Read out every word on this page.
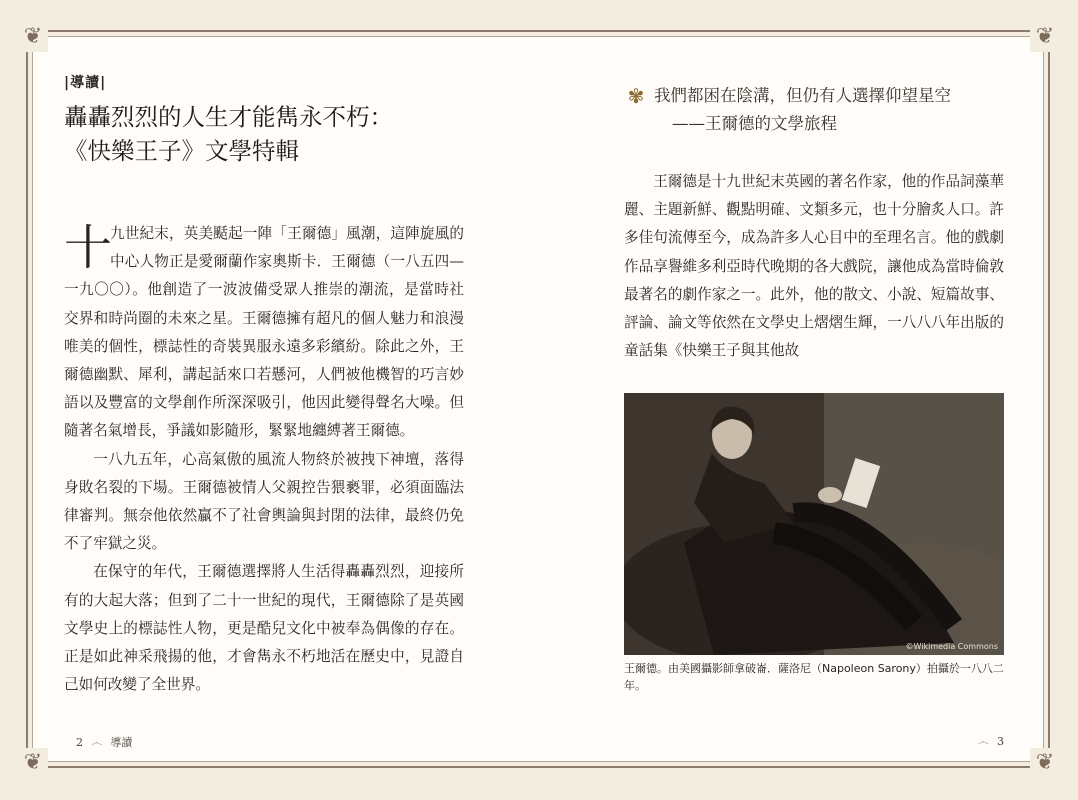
❦	❦
❦	❦
|導讀|
轟轟烈烈的人生才能雋永不朽：
《快樂王子》文學特輯

十
九世紀末，英美颳起一陣「王爾德」風潮，這陣旋風的中心人物正是愛爾蘭作家奧斯卡．王爾德（一八五四—一九〇〇）。他創造了一波波備受眾人推崇的潮流，是當時社交界和時尚圈的未來之星。王爾德擁有超凡的個人魅力和浪漫唯美的個性，標誌性的奇裝異服永遠多彩繽紛。除此之外，王爾德幽默、犀利，講起話來口若懸河，人們被他機智的巧言妙語以及豐富的文學創作所深深吸引，他因此變得聲名大噪。但隨著名氣增長，爭議如影隨形，緊緊地纏縛著王爾德。

一八九五年，心高氣傲的風流人物終於被拽下神壇，落得身敗名裂的下場。王爾德被情人父親控告猥褻罪，必須面臨法律審判。無奈他依然贏不了社會輿論與封閉的法律，最終仍免不了牢獄之災。

在保守的年代，王爾德選擇將人生活得轟轟烈烈，迎接所有的大起大落；但到了二十一世紀的現代，王爾德除了是英國文學史上的標誌性人物，更是酷兒文化中被奉為偶像的存在。正是如此神采飛揚的他，才會雋永不朽地活在歷史中，見證自己如何改變了全世界。

✾ 我們都困在陰溝，但仍有人選擇仰望星空
——王爾德的文學旅程

王爾德是十九世紀末英國的著名作家，他的作品詞藻華麗、主題新鮮、觀點明確、文類多元，也十分膾炙人口。許多佳句流傳至今，成為許多人心目中的至理名言。他的戲劇作品享譽維多利亞時代晚期的各大戲院，讓他成為當時倫敦最著名的劇作家之一。此外，他的散文、小說、短篇故事、評論、論文等依然在文學史上熠熠生輝，一八八八年出版的童話集《快樂王子與其他故

©Wikimedia Commons
王爾德。由美國攝影師拿破崙．薩洛尼（Napoleon Sarony）拍攝於一八八二年。
2 ෴ 導讀	෴ 3
